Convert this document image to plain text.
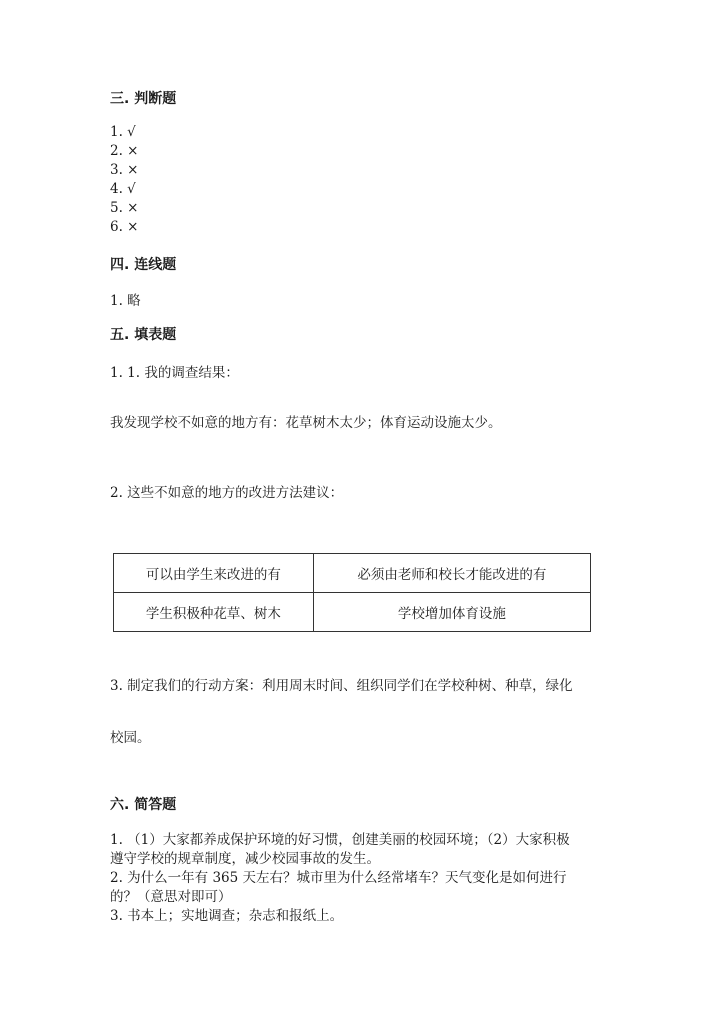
三. 判断题
1. √
2. ×
3. ×
4. √
5. ×
6. ×
四. 连线题
1. 略
五. 填表题
1. 1. 我的调查结果：
我发现学校不如意的地方有：花草树木太少；体育运动设施太少。
2. 这些不如意的地方的改进方法建议：
可以由学生来改进的有	必须由老师和校长才能改进的有
学生积极种花草、树木	学校增加体育设施
3. 制定我们的行动方案：利用周末时间、组织同学们在学校种树、种草，绿化
校园。
六. 简答题
1. （1）大家都养成保护环境的好习惯，创建美丽的校园环境；（2）大家积极
遵守学校的规章制度，减少校园事故的发生。
2. 为什么一年有 365 天左右？城市里为什么经常堵车？天气变化是如何进行
的？（意思对即可）
3. 书本上；实地调查；杂志和报纸上。
